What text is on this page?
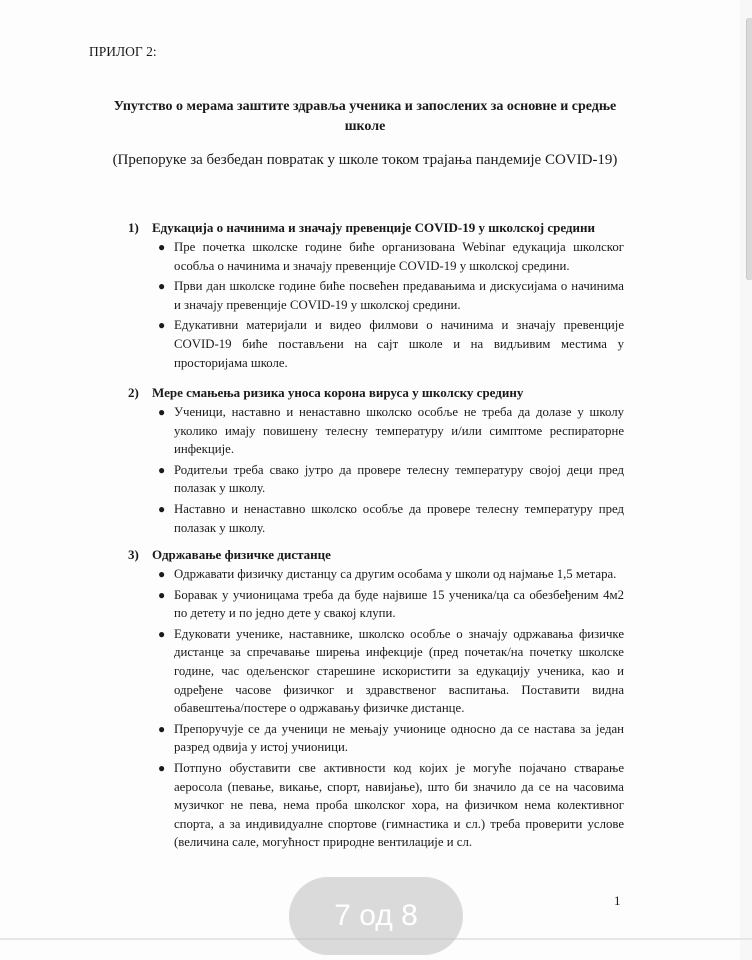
ПРИЛОГ 2:
Упутство о мерама заштите здравља ученика и запослених за основне и средње школе
(Препоруке за безбедан повратак у школе током трајања пандемије COVID-19)
1) Едукација о начинима и значају превенције COVID-19 у школској средини
● Пре почетка школске године биће организована Webinar едукација школског особља о начинима и значају превенције COVID-19 у школској средини.
● Први дан школске године биће посвећен предавањима и дискусијама о начинима и значају превенције COVID-19 у школској средини.
● Едукативни материјали и видео филмови о начинима и значају превенције COVID-19 биће постављени на сајт школе и на видљивим местима у просторијама школе.
2) Мере смањења ризика уноса корона вируса у школску средину
● Ученици, наставно и ненаставно школско особље не треба да долазе у школу уколико имају повишену телесну температуру и/или симптоме респираторне инфекције.
● Родитељи треба свако јутро да провере телесну температуру својој деци пред полазак у школу.
● Наставно и ненаставно школско особље да провере телесну температуру пред полазак у школу.
3) Одржавање физичке дистанце
● Одржавати физичку дистанцу са другим особама у школи од најмање 1,5 метара.
● Боравак у учионицама треба да буде највише 15 ученика/ца са обезбеђеним 4м2 по детету и по једно дете у свакој клупи.
● Едуковати ученике, наставнике, школско особље о значају одржавања физичке дистанце за спречавање ширења инфекције (пред почетак/на почетку школске године, час одељенског старешине искористити за едукацију ученика, као и одређене часове физичког и здравственог васпитања. Поставити видна обавештења/постере о одржавању физичке дистанце.
● Препоручује се да ученици не мењају учионице односно да се настава за један разред одвија у истој учионици.
● Потпуно обуставити све активности код којих је могуће појачано стварање аеросола (певање, викање, спорт, навијање), што би значило да се на часовима музичког не пева, нема проба школског хора, на физичком нема колективног спорта, а за индивидуалне спортове (гимнастика и сл.) треба проверити услове (величина сале, могућност природне вентилације и сл.
1
7 од 8
